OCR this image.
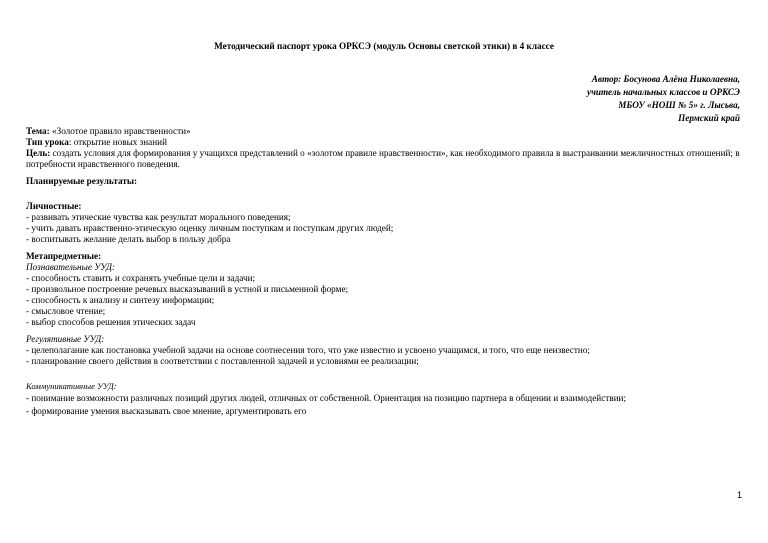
Методический паспорт урока ОРКСЭ (модуль Основы светской этики) в 4 классе
Автор: Босунова Алёна Николаевна,
учитель начальных классов и ОРКСЭ
МБОУ «НОШ № 5» г. Лысьва,
Пермский край
Тема: «Золотое правило нравственности»
Тип урока: открытие новых знаний
Цель: создать условия для формирования у учащихся представлений о «золотом правиле нравственности», как необходимого правила в выстраивании межличностных отношений; в потребности нравственного поведения.
Планируемые результаты:
Личностные:
- развивать этические чувства как результат морального поведения;
- учить давать нравственно-этическую оценку личным поступкам и поступкам других людей;
- воспитывать желание делать выбор в пользу добра
Метапредметные:
Познавательные УУД:
- способность ставить и сохранять учебные цели и задачи;
- произвольное построение речевых высказываний в устной и письменной форме;
- способность к анализу и синтезу информации;
- смысловое чтение;
- выбор способов решения этических задач
Регулятивные УУД:
- целеполагание как постановка учебной задачи на основе соотнесения того, что уже известно и усвоено учащимся, и того, что еще неизвестно;
- планирование своего действия в соответствии с поставленной задачей и условиями ее реализации;
Коммуникативные УУД:
- понимание возможности различных позиций других людей, отличных от собственной. Ориентация на позицию партнера в общении и взаимодействии;
- формирование умения высказывать свое мнение, аргументировать его
1
